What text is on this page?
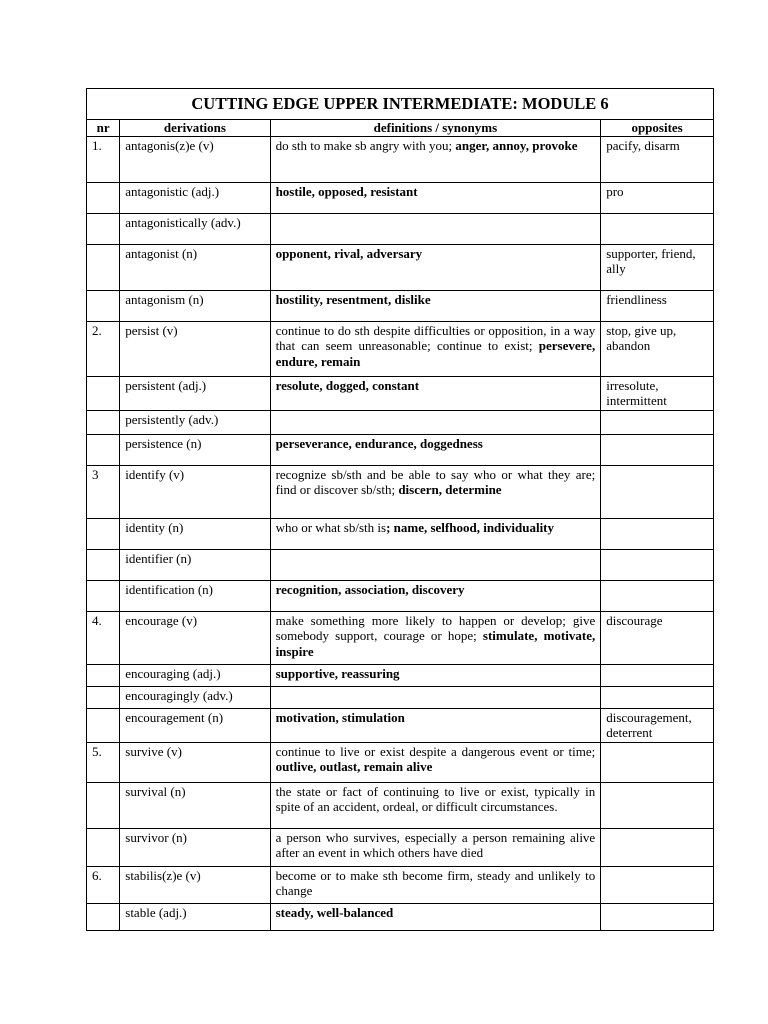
CUTTING EDGE UPPER INTERMEDIATE: MODULE 6			
nr	derivations	definitions / synonyms	opposites
1.	antagonis(z)e (v)	do sth to make sb angry with you; anger, annoy, provoke	pacify, disarm
	antagonistic (adj.)	hostile, opposed, resistant	pro
	antagonistically (adv.)		
	antagonist (n)	opponent, rival, adversary	supporter, friend, ally
	antagonism (n)	hostility, resentment, dislike	friendliness
2.	persist (v)	continue to do sth despite difficulties or opposition, in a way that can seem unreasonable; continue to exist; persevere, endure, remain	stop, give up, abandon
	persistent (adj.)	resolute, dogged, constant	irresolute, intermittent
	persistently (adv.)		
	persistence (n)	perseverance, endurance, doggedness	
3	identify (v)	recognize sb/sth and be able to say who or what they are; find or discover sb/sth; discern, determine	
	identity (n)	who or what sb/sth is; name, selfhood, individuality	
	identifier (n)		
	identification (n)	recognition, association, discovery	
4.	encourage (v)	make something more likely to happen or develop; give somebody support, courage or hope; stimulate, motivate, inspire	discourage
	encouraging (adj.)	supportive, reassuring	
	encouragingly (adv.)		
	encouragement (n)	motivation, stimulation	discouragement, deterrent
5.	survive (v)	continue to live or exist despite a dangerous event or time; outlive, outlast, remain alive	
	survival (n)	the state or fact of continuing to live or exist, typically in spite of an accident, ordeal, or difficult circumstances.	
	survivor (n)	a person who survives, especially a person remaining alive after an event in which others have died	
6.	stabilis(z)e (v)	become or to make sth become firm, steady and unlikely to change	
	stable (adj.)	steady, well-balanced	
